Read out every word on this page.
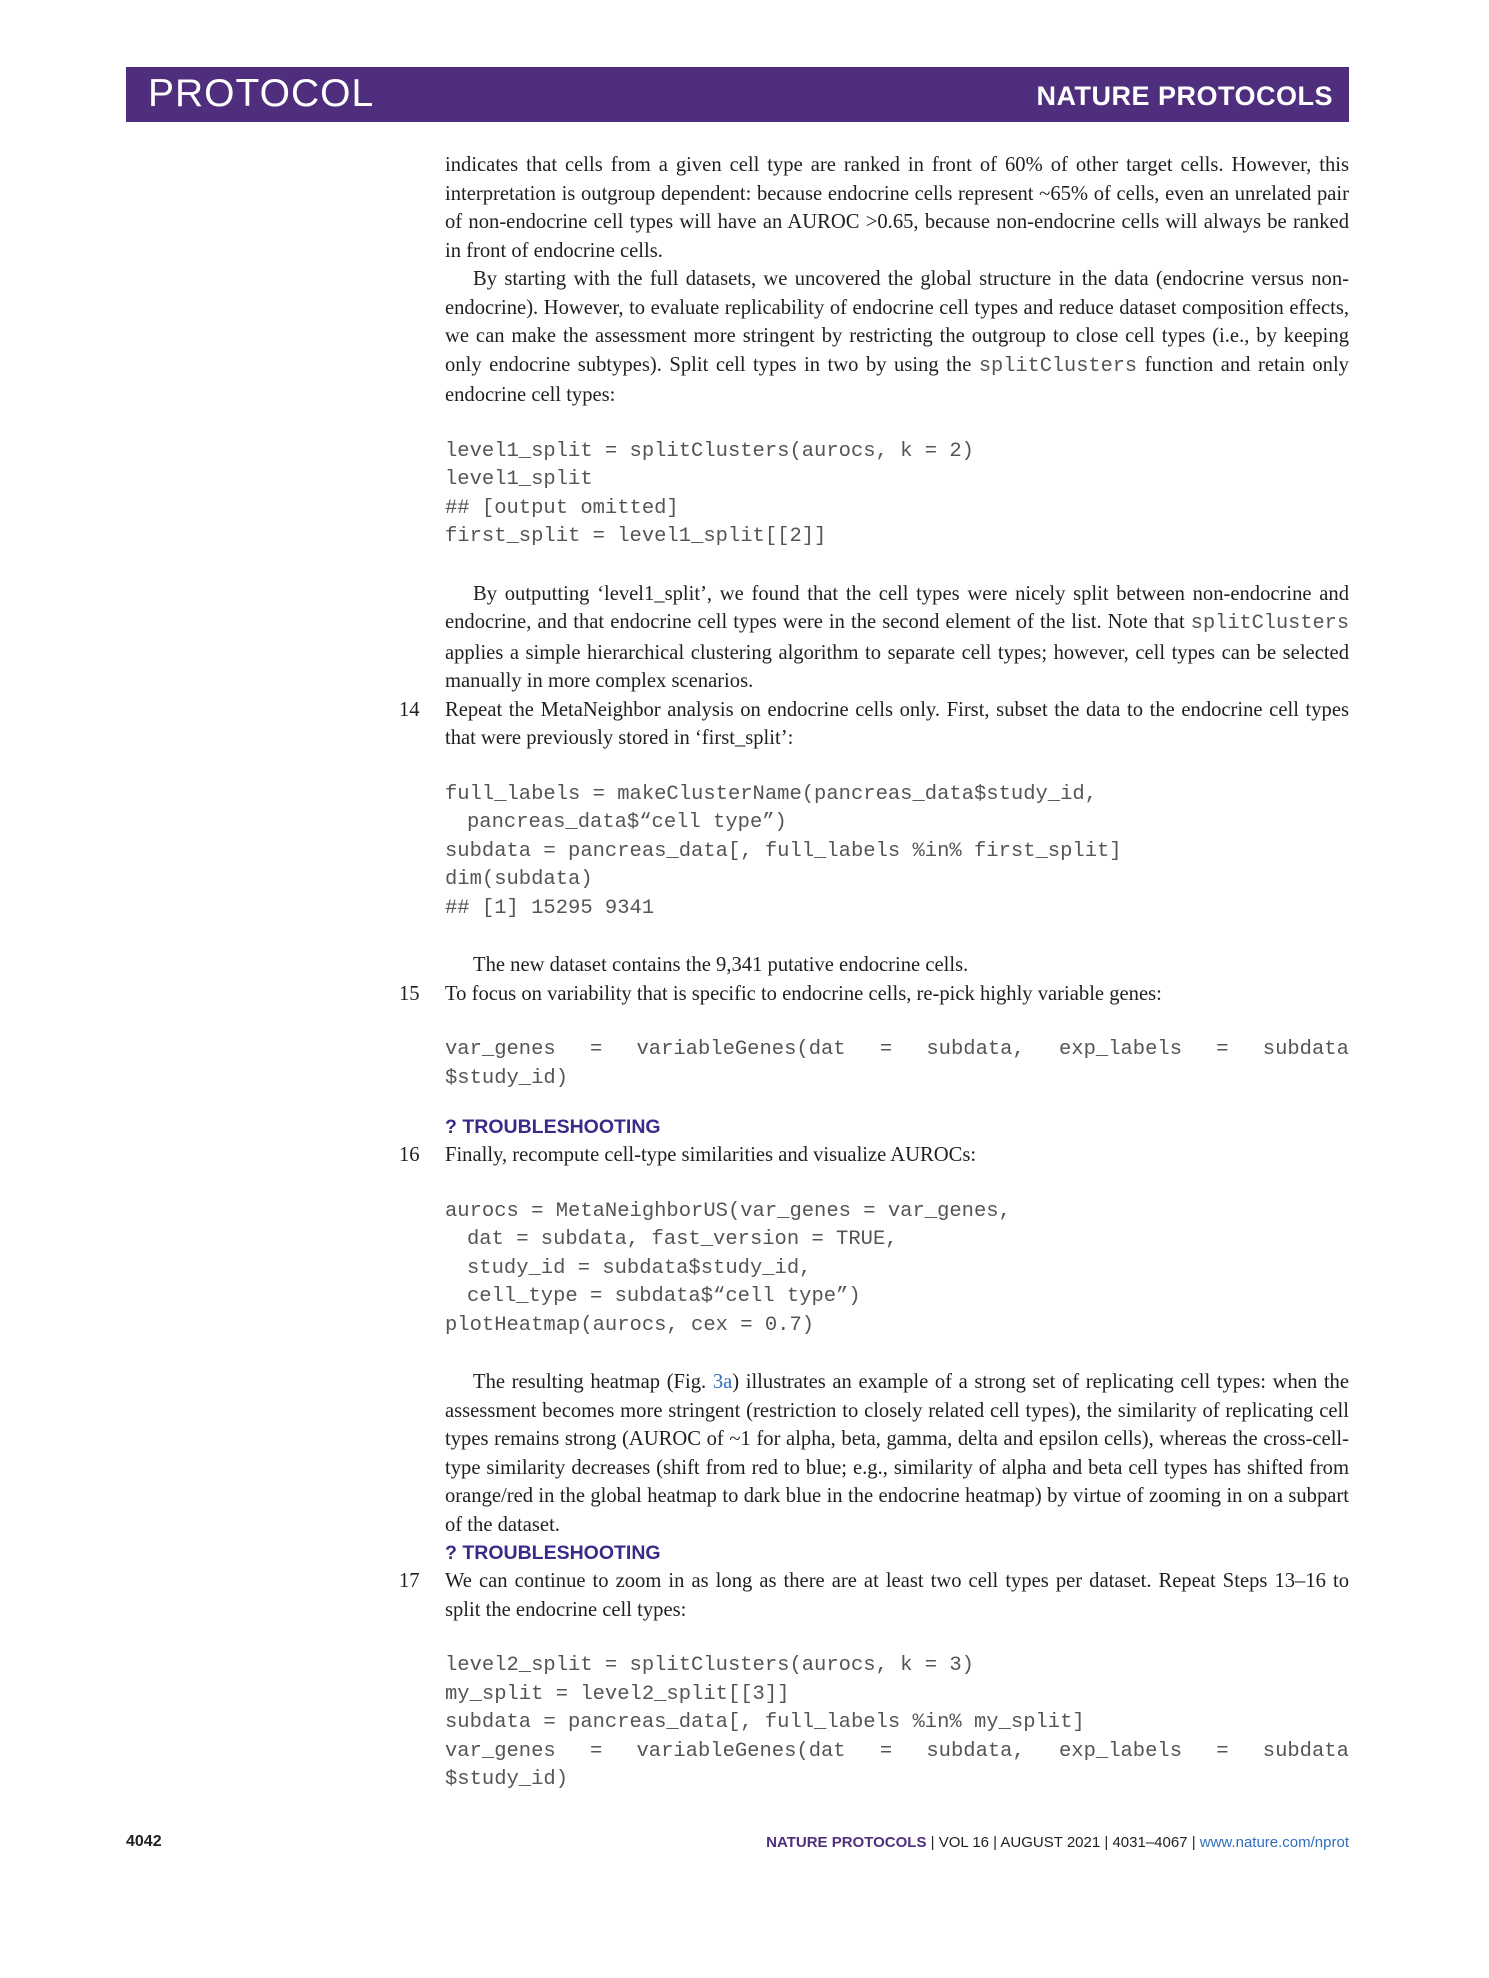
PROTOCOL	NATURE PROTOCOLS

indicates that cells from a given cell type are ranked in front of 60% of other target cells. However, this interpretation is outgroup dependent: because endocrine cells represent ~65% of cells, even an unrelated pair of non-endocrine cell types will have an AUROC >0.65, because non-endocrine cells will always be ranked in front of endocrine cells.

By starting with the full datasets, we uncovered the global structure in the data (endocrine versus non-endocrine). However, to evaluate replicability of endocrine cell types and reduce dataset composition effects, we can make the assessment more stringent by restricting the outgroup to close cell types (i.e., by keeping only endocrine subtypes). Split cell types in two by using the splitClusters function and retain only endocrine cell types:

level1_split = splitClusters(aurocs, k = 2)
level1_split
## [output omitted]
first_split = level1_split[[2]]

By outputting ‘level1_split’, we found that the cell types were nicely split between non-endocrine and endocrine, and that endocrine cell types were in the second element of the list. Note that splitClusters applies a simple hierarchical clustering algorithm to separate cell types; however, cell types can be selected manually in more complex scenarios.

14 Repeat the MetaNeighbor analysis on endocrine cells only. First, subset the data to the endocrine cell types that were previously stored in ‘first_split’:

full_labels = makeClusterName(pancreas_data$study_id,
pancreas_data$“cell type”)
subdata = pancreas_data[, full_labels %in% first_split]
dim(subdata)
## [1] 15295 9341

The new dataset contains the 9,341 putative endocrine cells.

15 To focus on variability that is specific to endocrine cells, re-pick highly variable genes:

var_genes = variableGenes(dat = subdata, exp_labels = subdata
$study_id)

? TROUBLESHOOTING

16 Finally, recompute cell-type similarities and visualize AUROCs:

aurocs = MetaNeighborUS(var_genes = var_genes,
dat = subdata, fast_version = TRUE,
study_id = subdata$study_id,
cell_type = subdata$“cell type”)
plotHeatmap(aurocs, cex = 0.7)

The resulting heatmap (Fig. 3a) illustrates an example of a strong set of replicating cell types: when the assessment becomes more stringent (restriction to closely related cell types), the similarity of replicating cell types remains strong (AUROC of ~1 for alpha, beta, gamma, delta and epsilon cells), whereas the cross-cell-type similarity decreases (shift from red to blue; e.g., similarity of alpha and beta cell types has shifted from orange/red in the global heatmap to dark blue in the endocrine heatmap) by virtue of zooming in on a subpart of the dataset.

? TROUBLESHOOTING

17 We can continue to zoom in as long as there are at least two cell types per dataset. Repeat Steps 13–16 to split the endocrine cell types:

level2_split = splitClusters(aurocs, k = 3)
my_split = level2_split[[3]]
subdata = pancreas_data[, full_labels %in% my_split]
var_genes = variableGenes(dat = subdata, exp_labels = subdata
$study_id)
4042	NATURE PROTOCOLS | VOL 16 | AUGUST 2021 | 4031–4067 | www.nature.com/nprot
